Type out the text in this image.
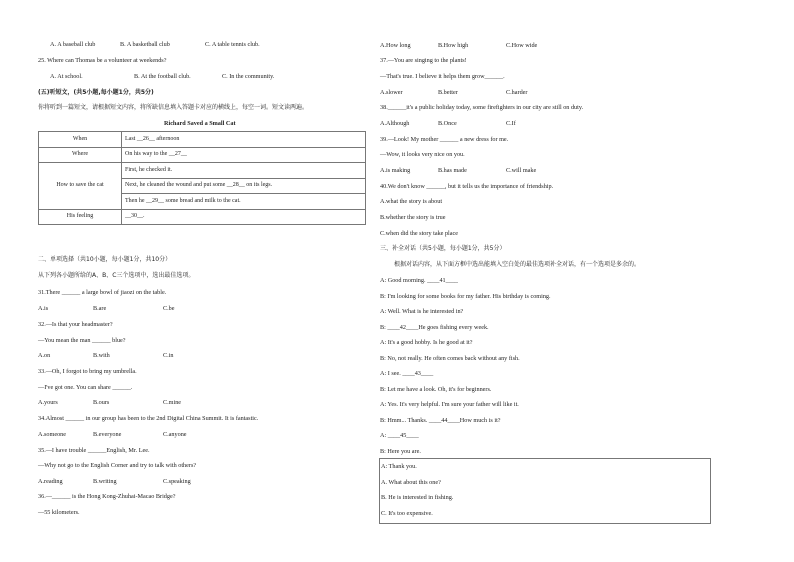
A. A baseball club	B. A basketball club	C. A table tennis club.
25. Where can Thomas be a volunteer at weekends?
A. At school.	B. At the football club.	C. In the community.
(五)听短文，(共5小题,每小题1分，共5分)
你将听到一篇短文，请根据短文内容，将所缺信息填入答题卡对应的横线上，每空一词。短文读两遍。
Richard Saved a Small Cat
When	Last __26__ afternoon
Where	On his way to the __27__
How to save the cat	First, he checked it.
	Next, he cleaned the wound and put some __28__ on its legs.
	Then he __29__ some bread and milk to the cat.
His feeling	__30__.
二、单项选择（共10小题，每小题1分，共10分）
从下列各小题所给的A、B、C三个选项中，选出最佳选项。
31.There ______ a large bowl of jiaozi on the table.
A.is	B.are	C.be
32.—Is that your headmaster?
—You mean the man ______ blue?
A.on	B.with	C.in
33.—Oh, I forgot to bring my umbrella.
—I've got one. You can share ______.
A.yours	B.ours	C.mine
34.Almost ______ in our group has been to the 2nd Digital China Summit. It is fantastic.
A.someone	B.everyone	C.anyone
35.—I have trouble ______English, Mr. Lee.
—Why not go to the English Corner and try to talk with others?
A.reading	B.writing	C.speaking
36.—______ is the Hong Kong-Zhuhai-Macao Bridge?
—55 kilometers.
A.How long	B.How high	C.How wide
37.—You are singing to the plants!
—That's true. I believe it helps them grow______.
A.slower	B.better	C.harder
38.______it's a public holiday today, some firefighters in our city are still on duty.
A.Although	B.Once	C.If
39.—Look! My mother ______ a new dress for me.
—Wow, it looks very nice on you.
A.is making	B.has made	C.will make
40.We don't know ______, but it tells us the importance of friendship.
A.what the story is about
B.whether the story is true
C.when did the story take place
三、补全对话（共5小题，每小题1分，共5分）
根据对话内容，从下面方框中选出能填入空白处的最佳选项补全对话，有一个选项是多余的。
A: Good morning. ____41____
B: I'm looking for some books for my father. His birthday is coming.
A: Well. What is he interested in?
B: ____42____He goes fishing every week.
A: It's a good hobby. Is he good at it?
B: No, not really. He often comes back without any fish.
A: I see. ____43____
B: Let me have a look. Oh, it's for beginners.
A: Yes. It's very helpful. I'm sure your father will like it.
B: Hmm... Thanks. ____44____How much is it?
A: ____45____
B: Here you are.
A: Thank you.
A. What about this one?
B. He is interested in fishing.
C. It's too expensive.
